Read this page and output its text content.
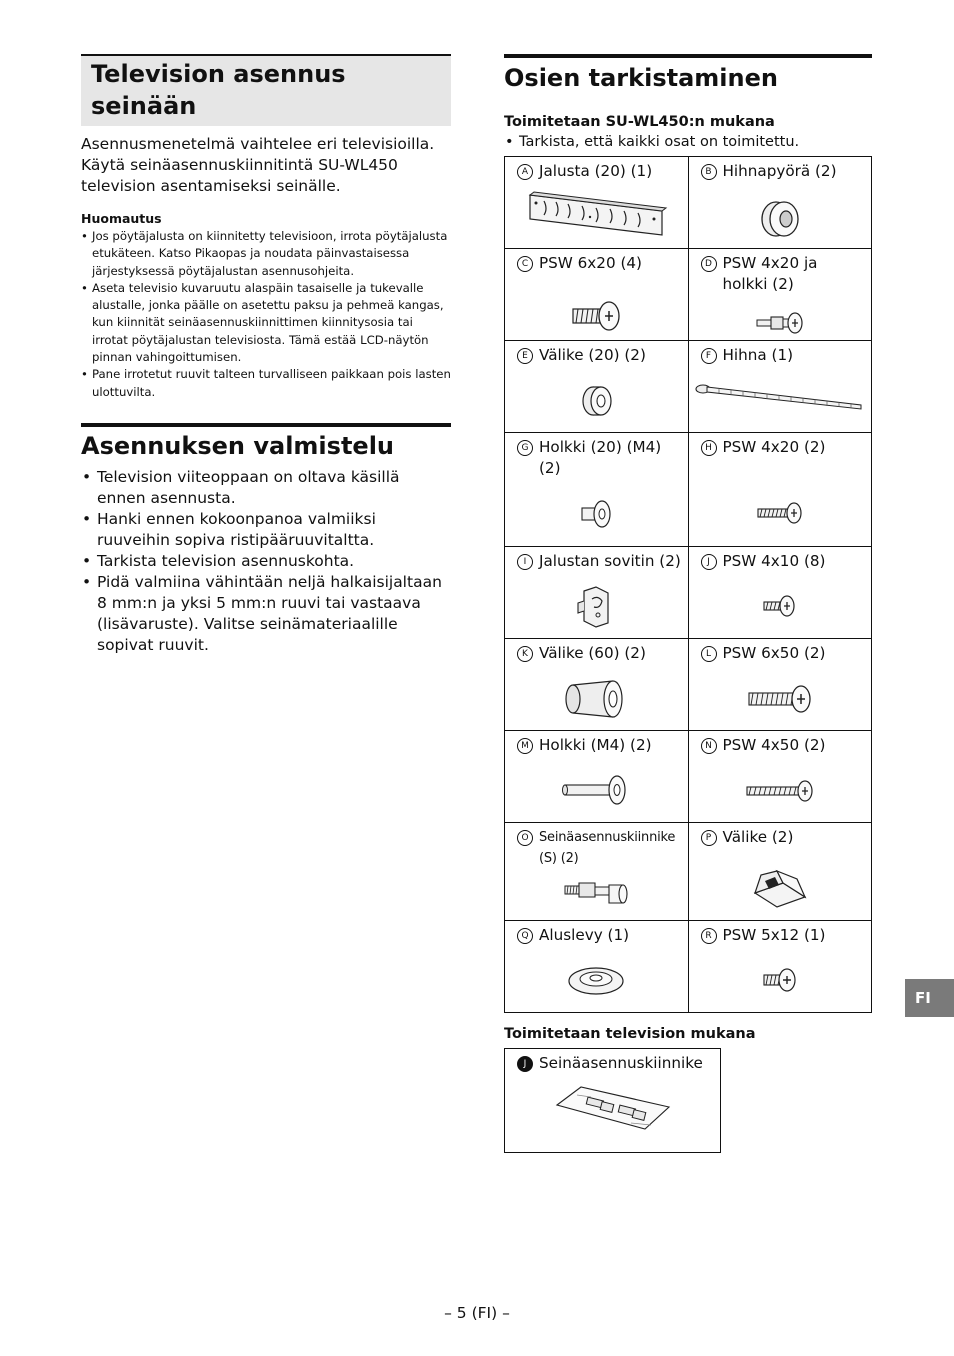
Television asennus seinään

Asennusmenetelmä vaihtelee eri televisioilla. Käytä seinäasennuskiinnitintä SU-WL450 television asentamiseksi seinälle.

Huomautus
• Jos pöytäjalusta on kiinnitetty televisioon, irrota pöytäjalusta etukäteen. Katso Pikaopas ja noudata päinvastaisessa järjestyksessä pöytäjalustan asennusohjeita.
• Aseta televisio kuvaruutu alaspäin tasaiselle ja tukevalle alustalle, jonka päälle on asetettu paksu ja pehmeä kangas, kun kiinnität seinäasennuskiinnittimen kiinnitysosia tai irrotat pöytäjalustan televisiosta. Tämä estää LCD-näytön pinnan vahingoittumisen.
• Pane irrotetut ruuvit talteen turvalliseen paikkaan pois lasten ulottuvilta.
Asennuksen valmistelu
• Television viiteoppaan on oltava käsillä ennen asennusta.
• Hanki ennen kokoonpanoa valmiiksi ruuveihin sopiva ristipääruuvitaltta.
• Tarkista television asennuskohta.
• Pidä valmiina vähintään neljä halkaisijaltaan 8 mm:n ja yksi 5 mm:n ruuvi tai vastaava (lisävaruste). Valitse seinämateriaalille sopivat ruuvit.
Osien tarkistaminen

Toimitetaan SU-WL450:n mukana

• Tarkista, että kaikki osat on toimitettu.

A Jalusta (20) (1)	B Hihnapyörä (2)

C PSW 6x20 (4)	D PSW 4x20 ja holkki (2)

E Välike (20) (2)	F Hihna (1)

G Holkki (20) (M4) (2)	H PSW 4x20 (2)

I Jalustan sovitin (2)	J PSW 4x10 (8)

K Välike (60) (2)	L PSW 6x50 (2)

M Holkki (M4) (2)	N PSW 4x50 (2)

O Seinäasennuskiinnike (S) (2)	P Välike (2)

Q Aluslevy (1)	R PSW 5x12 (1)

Toimitetaan television mukana

J Seinäasennuskiinnike
FI
– 5 (FI) –
